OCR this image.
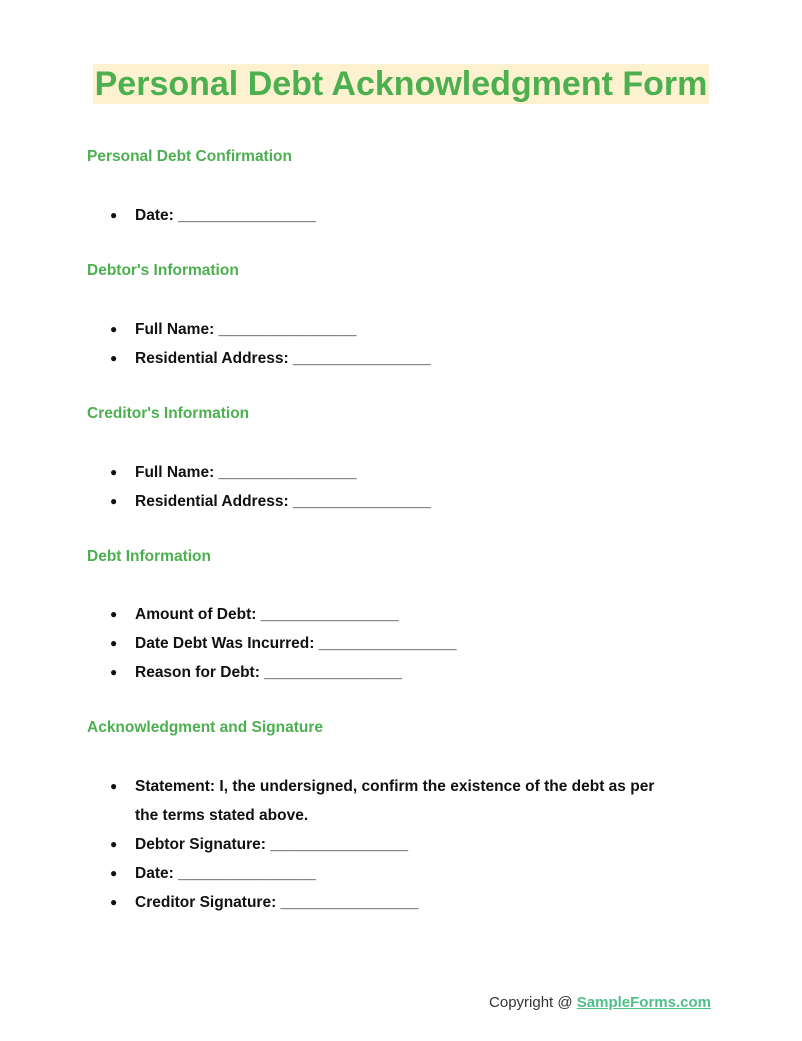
Personal Debt Acknowledgment Form
Personal Debt Confirmation
● Date: ________________
Debtor's Information
● Full Name: ________________
● Residential Address: ________________
Creditor's Information
● Full Name: ________________
● Residential Address: ________________
Debt Information
● Amount of Debt: ________________
● Date Debt Was Incurred: ________________
● Reason for Debt: ________________
Acknowledgment and Signature
● Statement: I, the undersigned, confirm the existence of the debt as per the terms stated above.
● Debtor Signature: ________________
● Date: ________________
● Creditor Signature: ________________
Copyright @ SampleForms.com
